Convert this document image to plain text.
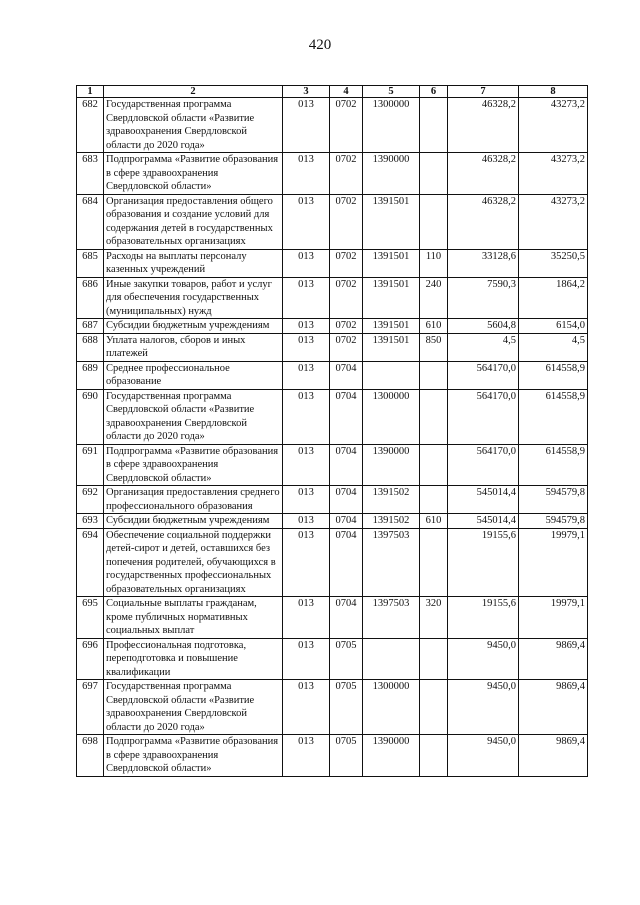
420
1	2	3	4	5	6	7	8
682	Государственная программа Свердловской области «Развитие здравоохранения Свердловской области до 2020 года»	013	0702	1300000		46328,2	43273,2
683	Подпрограмма «Развитие образования в сфере здравоохранения Свердловской области»	013	0702	1390000		46328,2	43273,2
684	Организация предоставления общего образования и создание условий для содержания детей в государственных образовательных организациях	013	0702	1391501		46328,2	43273,2
685	Расходы на выплаты персоналу казенных учреждений	013	0702	1391501	110	33128,6	35250,5
686	Иные закупки товаров, работ и услуг для обеспечения государственных (муниципальных) нужд	013	0702	1391501	240	7590,3	1864,2
687	Субсидии бюджетным учреждениям	013	0702	1391501	610	5604,8	6154,0
688	Уплата налогов, сборов и иных платежей	013	0702	1391501	850	4,5	4,5
689	Среднее профессиональное образование	013	0704			564170,0	614558,9
690	Государственная программа Свердловской области «Развитие здравоохранения Свердловской области до 2020 года»	013	0704	1300000		564170,0	614558,9
691	Подпрограмма «Развитие образования в сфере здравоохранения Свердловской области»	013	0704	1390000		564170,0	614558,9
692	Организация предоставления среднего профессионального образования	013	0704	1391502		545014,4	594579,8
693	Субсидии бюджетным учреждениям	013	0704	1391502	610	545014,4	594579,8
694	Обеспечение социальной поддержки детей-сирот и детей, оставшихся без попечения родителей, обучающихся в государственных профессиональных образовательных организациях	013	0704	1397503		19155,6	19979,1
695	Социальные выплаты гражданам, кроме публичных нормативных социальных выплат	013	0704	1397503	320	19155,6	19979,1
696	Профессиональная подготовка, переподготовка и повышение квалификации	013	0705			9450,0	9869,4
697	Государственная программа Свердловской области «Развитие здравоохранения Свердловской области до 2020 года»	013	0705	1300000		9450,0	9869,4
698	Подпрограмма «Развитие образования в сфере здравоохранения Свердловской области»	013	0705	1390000		9450,0	9869,4
